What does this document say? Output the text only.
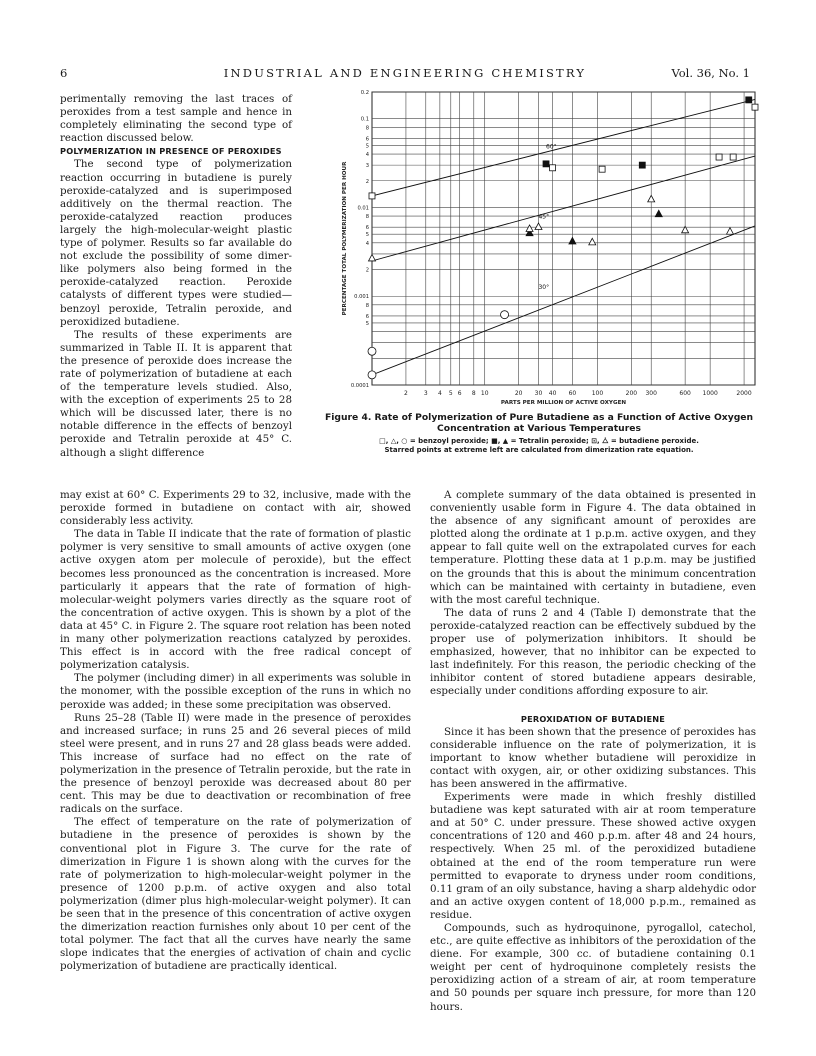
6	INDUSTRIAL AND ENGINEERING CHEMISTRY	Vol. 36, No. 1

perimentally removing the last traces of peroxides from a test sample and hence in completely eliminating the second type of reaction discussed below.

POLYMERIZATION IN PRESENCE OF PEROXIDES

The second type of polymerization reaction occurring in butadiene is purely peroxide-catalyzed and is superimposed additively on the thermal reaction. The peroxide-catalyzed reaction produces largely the high-molecular-weight plastic type of polymer. Results so far available do not exclude the possibility of some dimer-like polymers also being formed in the peroxide-catalyzed reaction. Peroxide catalysts of different types were studied—benzoyl peroxide, Tetralin peroxide, and peroxidized butadiene.

The results of these experiments are summarized in Table II. It is apparent that the presence of peroxide does increase the rate of polymerization of butadiene at each of the temperature levels studied. Also, with the exception of experiments 25 to 28 which will be discussed later, there is no notable difference in the effects of benzoyl peroxide and Tetralin peroxide at 45° C. although a slight difference

2	3 4 5 6 8 10	20 30 40 60	100	200 300	600 1000	2000
0.2
0.1
8
6
5
4
3
2
0.01
8
6
5
4
2
0.001
8
6
5
0.0001
PARTS PER MILLION OF ACTIVE OXYGEN
PERCENTAGE TOTAL POLYMERIZATION PER HOUR
60°
45°
30°
Figure 4. Rate of Polymerization of Pure Butadiene as a Function of Active Oxygen Concentration at Various Temperatures
□, △, ○ = benzoyl peroxide; ■, ▲ = Tetralin peroxide; ⊡, ⧊ = butadiene peroxide.
Starred points at extreme left are calculated from dimerization rate equation.

may exist at 60° C. Experiments 29 to 32, inclusive, made with the peroxide formed in butadiene on contact with air, showed considerably less activity.

The data in Table II indicate that the rate of formation of plastic polymer is very sensitive to small amounts of active oxygen (one active oxygen atom per molecule of peroxide), but the effect becomes less pronounced as the concentration is increased. More particularly it appears that the rate of formation of high-molecular-weight polymers varies directly as the square root of the concentration of active oxygen. This is shown by a plot of the data at 45° C. in Figure 2. The square root relation has been noted in many other polymerization reactions catalyzed by peroxides. This effect is in accord with the free radical concept of polymerization catalysis.

The polymer (including dimer) in all experiments was soluble in the monomer, with the possible exception of the runs in which no peroxide was added; in these some precipitation was observed.

Runs 25–28 (Table II) were made in the presence of peroxides and increased surface; in runs 25 and 26 several pieces of mild steel were present, and in runs 27 and 28 glass beads were added. This increase of surface had no effect on the rate of polymerization in the presence of Tetralin peroxide, but the rate in the presence of benzoyl peroxide was decreased about 80 per cent. This may be due to deactivation or recombination of free radicals on the surface.

The effect of temperature on the rate of polymerization of butadiene in the presence of peroxides is shown by the conventional plot in Figure 3. The curve for the rate of dimerization in Figure 1 is shown along with the curves for the rate of polymerization to high-molecular-weight polymer in the presence of 1200 p.p.m. of active oxygen and also total polymerization (dimer plus high-molecular-weight polymer). It can be seen that in the presence of this concentration of active oxygen the dimerization reaction furnishes only about 10 per cent of the total polymer. The fact that all the curves have nearly the same slope indicates that the energies of activation of chain and cyclic polymerization of butadiene are practically identical.

A complete summary of the data obtained is presented in conveniently usable form in Figure 4. The data obtained in the absence of any significant amount of peroxides are plotted along the ordinate at 1 p.p.m. active oxygen, and they appear to fall quite well on the extrapolated curves for each temperature. Plotting these data at 1 p.p.m. may be justified on the grounds that this is about the minimum concentration which can be maintained with certainty in butadiene, even with the most careful technique.

The data of runs 2 and 4 (Table I) demonstrate that the peroxide-catalyzed reaction can be effectively subdued by the proper use of polymerization inhibitors. It should be emphasized, however, that no inhibitor can be expected to last indefinitely. For this reason, the periodic checking of the inhibitor content of stored butadiene appears desirable, especially under conditions affording exposure to air.

PEROXIDATION OF BUTADIENE

Since it has been shown that the presence of peroxides has considerable influence on the rate of polymerization, it is important to know whether butadiene will peroxidize in contact with oxygen, air, or other oxidizing substances. This has been answered in the affirmative.

Experiments were made in which freshly distilled butadiene was kept saturated with air at room temperature and at 50° C. under pressure. These showed active oxygen concentrations of 120 and 460 p.p.m. after 48 and 24 hours, respectively. When 25 ml. of the peroxidized butadiene obtained at the end of the room temperature run were permitted to evaporate to dryness under room conditions, 0.11 gram of an oily substance, having a sharp aldehydic odor and an active oxygen content of 18,000 p.p.m., remained as residue.

Compounds, such as hydroquinone, pyrogallol, catechol, etc., are quite effective as inhibitors of the peroxidation of the diene. For example, 300 cc. of butadiene containing 0.1 weight per cent of hydroquinone completely resists the peroxidizing action of a stream of air, at room temperature and 50 pounds per square inch pressure, for more than 120 hours.
